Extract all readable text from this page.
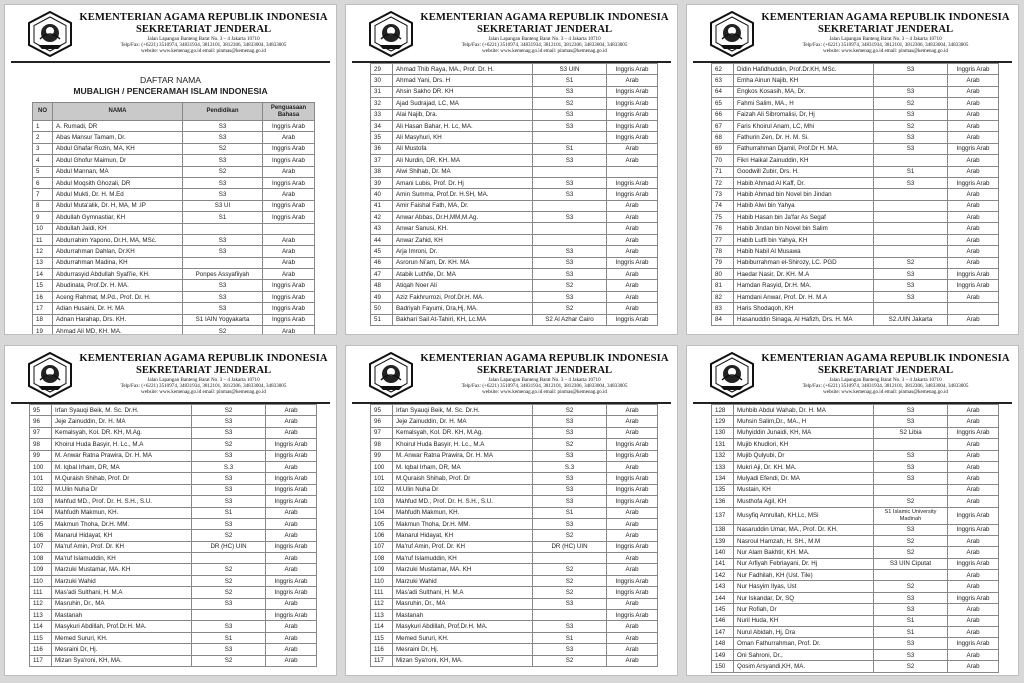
KEMENTERIAN AGAMA REPUBLIK INDONESIA
SEKRETARIAT JENDERAL
Jalan Lapangan Banteng Barat No. 3 – 4 Jakarta 10710
Telp/Fax: (+6221) 3510974, 34831934, 3812101, 3812306, 34833004, 34833005
website: www.kemenag.go.id email: pinmas@kemenag.go.id
DAFTAR NAMA
MUBALIGH / PENCERAMAH ISLAM INDONESIA
NO	NAMA	Pendidikan	Penguasaan Bahasa
1	A. Rumadi, DR	S3	Inggris Arab
2	Abas Mansur Tamam, Dr.	S3	Arab
3	Abdul Ghafar Rozin, MA, KH	S2	Inggris Arab
4	Abdul Ghofur Maimun, Dr	S3	Inggris Arab
5	Abdul Mannan, MA	S2	Arab
6	Abdul Moqsith Ghozali, DR	S3	Inggris Arab
7	Abdul Mukti, Dr. H. M.Ed	S3	Arab
8	Abdul Muta'alik, Dr. H, MA, M .IP	S3 UI	Inggris Arab
9	Abdullah Gymnastiar, KH	S1	Inggris Arab
10	Abdullah Jaidi, KH		
11	Abdurrahim Yapono, Dr.H, MA, MSc.	S3	Arab
12	Abdurrahman Dahlan, Dr.KH	S3	Arab
13	Abdurrahman Madina, KH		Arab
14	Abdurrasyid Abdullah Syafi'ie, KH.	Ponpes Assyafiiyah	Arab
15	Abudinata, Prof.Dr. H. MA.	S3	Inggris Arab
16	Aceng Rahmat, M.Pd., Prof. Dr. H.	S3	Inggris Arab
17	Adian Husaini, Dr. H. MA	S3	Inggris Arab
18	Adnan Harahap, Drs. KH.	S1 IAIN Yogyakarta	Inggris Arab
19	Ahmad Ali MD, KH. MA.	S2	Arab
KEMENTERIAN AGAMA REPUBLIK INDONESIA
SEKRETARIAT JENDERAL
Jalan Lapangan Banteng Barat No. 3 – 4 Jakarta 10710
Telp/Fax: (+6221) 3510974, 34831934, 3812101, 3812306, 34833004, 34833005
website: www.kemenag.go.id email: pinmas@kemenag.go.id
29	Ahmad Thib Raya, MA., Prof. Dr. H.	S3 UIN	Inggris Arab
30	Ahmad Yani, Drs. H	S1	Arab
31	Ahsin Sakho DR. KH	S3	Inggris Arab
32	Ajad Sudrajad, LC, MA	S2	Inggris Arab
33	Alai Najib, Dra.	S3	Inggris Arab
34	Ali Hasan Bahar, H. Lc, MA.	S3	Inggris Arab
35	Ali Masyhuri, KH		Inggris Arab
36	Ali Mustofa	S1	Arab
37	Ali Nurdin, DR. KH. MA	S3	Arab
38	Alwi Shihab, Dr. MA		
39	Amani Lubis, Prof. Dr. Hj	S3	Inggris Arab
40	Amin Summa, Prof.Dr. H.SH, MA.	S3	Inggris Arab
41	Amir Faishal Fath, MA, Dr.		Arab
42	Anwar Abbas, Dr.H,MM,M.Ag.	S3	Arab
43	Anwar Sanusi, KH.		Arab
44	Anwar Zahid, KH		Arab
45	Arja Imroni, Dr.	S3	Arab
46	Asrorun Ni'am, Dr. KH. MA	S3	Inggris Arab
47	Atabik Luthfie, Dr. MA	S3	Arab
48	Atiqah Noer Ali	S2	Arab
49	Aziz Fakhrurrozi, Prof.Dr.H. MA.	S3	Arab
50	Badriyah Fayumi, Dra,Hj, MA.	S2	Arab
51	Bakhari Sail At-Tahiri, KH, Lc.MA	S2 Al Azhar Cairo	Inggris Arab
KEMENTERIAN AGAMA REPUBLIK INDONESIA
SEKRETARIAT JENDERAL
Jalan Lapangan Banteng Barat No. 3 – 4 Jakarta 10710
Telp/Fax: (+6221) 3510974, 34831934, 3812101, 3812306, 34833004, 34833005
website: www.kemenag.go.id email: pinmas@kemenag.go.id
62	Didin Hafidhuddin, Prof.Dr.KH, MSc.	S3	Inggris Arab
63	Emha Ainun Najib, KH		Arab
64	Engkos Kosasih, MA, Dr.	S3	Arab
65	Fahmi Salim, MA., H	S2	Arab
66	Faizah Ali Sibromalisi, Dr, Hj	S3	Arab
67	Faris Khoirul Anam, LC, Mhi	S2	Arab
68	Fathurin Zen, Dr. H. M. Si.	S3	Arab
69	Fathurrahman Djamil, Prof.Dr H. MA.	S3	Inggris Arab
70	Fikri Haikal Zainuddin, KH		Arab
71	Goodwill Zubir, Drs. H.	S1	Arab
72	Habib Ahmad Al Kaff, Dr.	S3	Inggris Arab
73	Habib Ahmad bin Novel bin Jindan		Arab
74	Habib Alwi bin Yahya		Arab
75	Habib Hasan bin Ja'far As Segaf		Arab
76	Habib Jindan bin Novel bin Salim		Arab
77	Habib Lutfi bin Yahya, KH		Arab
78	Habib Nabil Al Musawa		Arab
79	Habiburrahman el-Shirozy, LC. PGD	S2	Arab
80	Haedar Nasir, Dr. KH. M.A	S3	Inggris Arab
81	Hamdan Rasyid, Dr.H. MA.	S3	Inggris Arab
82	Hamdani Anwar, Prof. Dr. H. M.A	S3	Arab
83	Haris Shodaqoh, KH		
84	Hasanuddin Sinaga, Al Hafizh, Drs. H. MA	S2./UIN Jakarta	Arab
KEMENTERIAN AGAMA REPUBLIK INDONESIA
SEKRETARIAT JENDERAL
Jalan Lapangan Banteng Barat No. 3 – 4 Jakarta 10710
Telp/Fax: (+6221) 3510974, 34831934, 3812101, 3812306, 34833004, 34833005
website: www.kemenag.go.id email: pinmas@kemenag.go.id
95	Irfan Syauqi Beik, M. Sc. Dr.H.	S2	Arab
96	Jeje Zainuddin, Dr. H. MA	S3	Arab
97	Kemalsyah, Kol. DR. KH, M.Ag.	S3	Arab
98	Khoirul Huda Basyir, H. Lc., M.A	S2	Inggris Arab
99	M. Anwar Ratna Prawira, Dr. H. MA	S3	Inggris Arab
100	M. Iqbal Irham, DR, MA	S.3	Arab
101	M.Quraish Shihab, Prof. Dr	S3	Inggris Arab
102	M.Ulin Nuha Dr	S3	Inggris Arab
103	Mahfud MD., Prof. Dr. H. S.H., S.U.	S3	Inggris Arab
104	Mahfudh Makmun, KH.	S1	Arab
105	Makmun Thoha, Dr.H. MM.	S3	Arab
106	Manarul Hidayat, KH	S2	Arab
107	Ma'ruf Amin, Prof. Dr. KH	DR (HC) UIN	Inggris Arab
108	Ma'ruf Islamuddin, KH		Arab
109	Marzuki Mustamar, MA. KH	S2	Arab
110	Marzuki Wahid	S2	Inggris Arab
111	Mas'adi Sulthani, H. M.A	S2	Inggris Arab
112	Masruhin, Dr., MA	S3	Arab
113	Mastanah		Inggris Arab
114	Masykuri Abdillah, Prof.Dr.H. MA.	S3	Arab
115	Memed Sururi, KH.	S1	Arab
116	Mesraini Dr, Hj.	S3	Arab
117	Mizan Sya'roni, KH, MA.	S2	Arab
KEMENTERIAN AGAMA REPUBLIK INDONESIA
SEKRETARIAT JENDERAL
Jalan Lapangan Banteng Barat No. 3 – 4 Jakarta 10710
Telp/Fax: (+6221) 3510974, 34831934, 3812101, 3812306, 34833004, 34833005
website: www.kemenag.go.id email: pinmas@kemenag.go.id
95	Irfan Syauqi Beik, M. Sc. Dr.H.	S2	Arab
96	Jeje Zainuddin, Dr. H. MA	S3	Arab
97	Kemalsyah, Kol. DR. KH, M.Ag.	S3	Arab
98	Khoirul Huda Basyir, H. Lc., M.A	S2	Inggris Arab
99	M. Anwar Ratna Prawira, Dr. H. MA	S3	Inggris Arab
100	M. Iqbal Irham, DR, MA	S.3	Arab
101	M.Quraish Shihab, Prof. Dr	S3	Inggris Arab
102	M.Ulin Nuha Dr	S3	Inggris Arab
103	Mahfud MD., Prof. Dr. H. S.H., S.U.	S3	Inggris Arab
104	Mahfudh Makmun, KH.	S1	Arab
105	Makmun Thoha, Dr.H. MM.	S3	Arab
106	Manarul Hidayat, KH	S2	Arab
107	Ma'ruf Amin, Prof. Dr. KH	DR (HC) UIN	Inggris Arab
108	Ma'ruf Islamuddin, KH		Arab
109	Marzuki Mustamar, MA. KH	S2	Arab
110	Marzuki Wahid	S2	Inggris Arab
111	Mas'adi Sulthani, H. M.A	S2	Inggris Arab
112	Masruhin, Dr., MA	S3	Arab
113	Mastanah		Inggris Arab
114	Masykuri Abdillah, Prof.Dr.H. MA.	S3	Arab
115	Memed Sururi, KH.	S1	Arab
116	Mesraini Dr, Hj.	S3	Arab
117	Mizan Sya'roni, KH, MA.	S2	Arab
KEMENTERIAN AGAMA REPUBLIK INDONESIA
SEKRETARIAT JENDERAL
Jalan Lapangan Banteng Barat No. 3 – 4 Jakarta 10710
Telp/Fax: (+6221) 3510974, 34831934, 3812101, 3812306, 34833004, 34833005
website: www.kemenag.go.id email: pinmas@kemenag.go.id
128	Muhbib Abdul Wahab, Dr. H. MA	S3	Arab
129	Muhsin Salim,Dr., MA., H	S3	Arab
130	Muhyiddin Junaidi, KH, MA	S2 Libia	Inggris Arab
131	Mujib Khudlori, KH		Arab
132	Mujib Qulyubi, Dr	S3	Arab
133	Mukri Aji, Dr. KH. MA.	S3	Arab
134	Mulyadi Efendi, Dr. MA	S3	Arab
135	Mustain, KH		Arab
136	Musthofa Agil, KH	S2	Arab
137	Musyfiq Amrullah, KH,Lc, MSi	S1 Islamic University Madinah	Inggris Arab
138	Nasaruddin Umar, MA., Prof. Dr. KH.	S3	Inggris Arab
139	Nasroul Hamzah, H. SH., M.M	S2	Arab
140	Nur Alam Bakhtir, KH. MA.	S2	Arab
141	Nur Arfiyah Febriayani, Dr. Hj	S3 UIN Ciputat	Inggris Arab
142	Nur Fadhilah, KH (Ust. Tile)		Arab
143	Nur Hasyim Ilyas, Ust	S2	Arab
144	Nur Iskandar, Dr, SQ	S3	Inggris Arab
145	Nur Rofiah, Dr	S3	Arab
146	Nuril Huda, KH	S1	Arab
147	Nurul Abidah, Hj, Dra	S1	Arab
148	Oman Fathurrahman, Prof. Dr.	S3	Inggris Arab
149	Oni Sahroni, Dr.,	S3	Arab
150	Qosim Arsyandi,KH, MA.	S2	Arab
